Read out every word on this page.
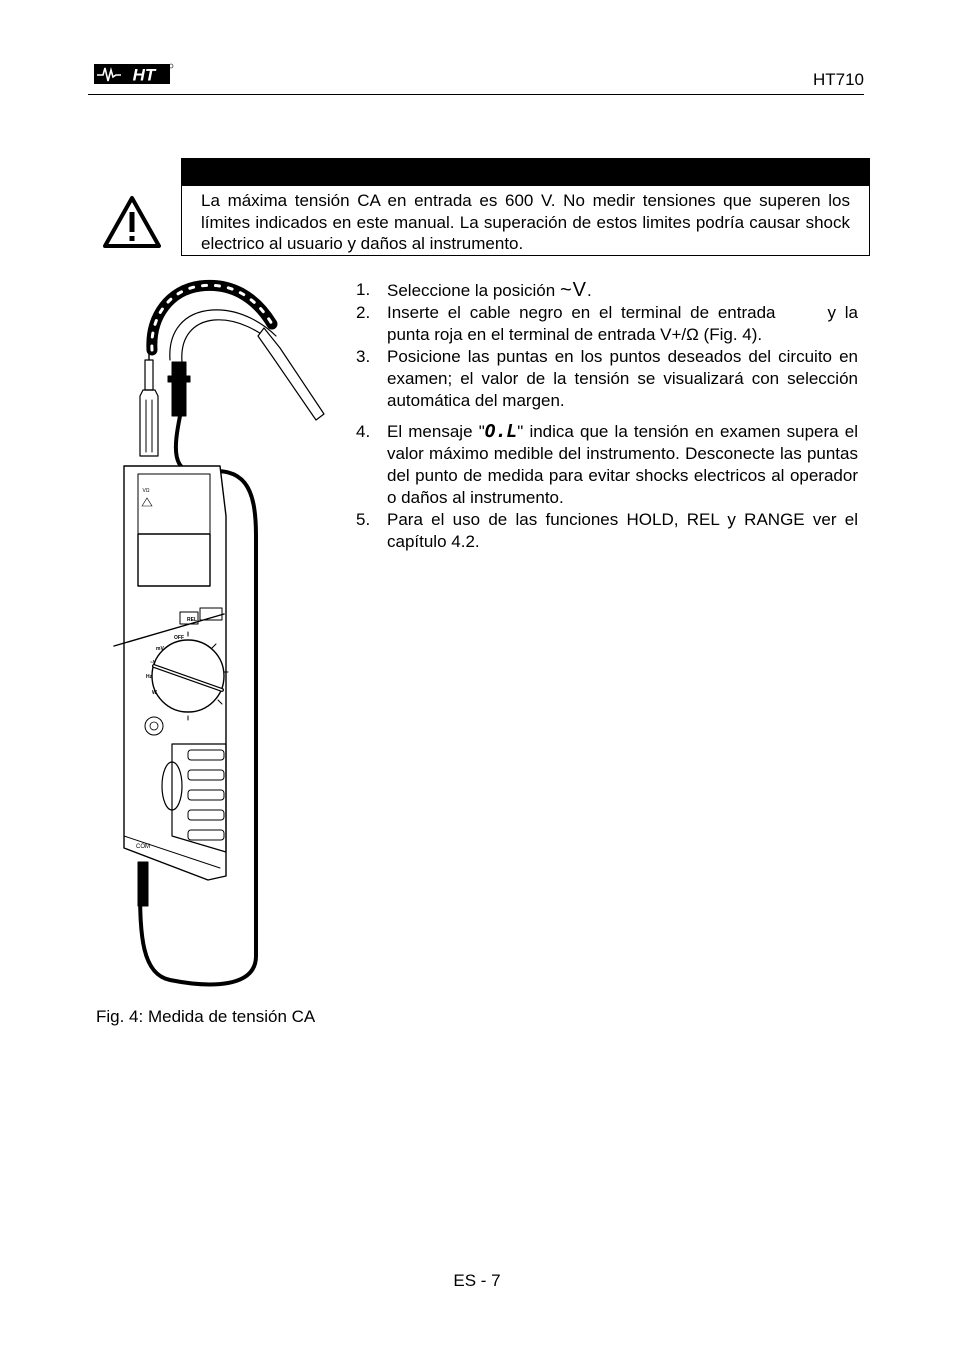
HT	HT710
La máxima tensión CA en entrada es 600 V. No medir tensiones que superen los límites indicados en este manual. La superación de estos limites podría causar shock electrico al usuario y daños al instrumento.
VΩ
REL
OFF
mV
~V
Hz
W
COM
Fig. 4: Medida de tensión CA
1. Seleccione la posición ~V.
2. Inserte el cable negro en el terminal de entrada	y la punta roja en el terminal de entrada V+/Ω (Fig. 4).
3. Posicione las puntas en los puntos deseados del circuito en examen; el valor de la tensión se visualizará con selección automática del margen.
4. El mensaje "O.L" indica que la tensión en examen supera el valor máximo medible del instrumento. Desconecte las puntas del punto de medida para evitar shocks electricos al operador o daños al instrumento.
5. Para el uso de las funciones HOLD, REL y RANGE ver el capítulo 4.2.
ES - 7
